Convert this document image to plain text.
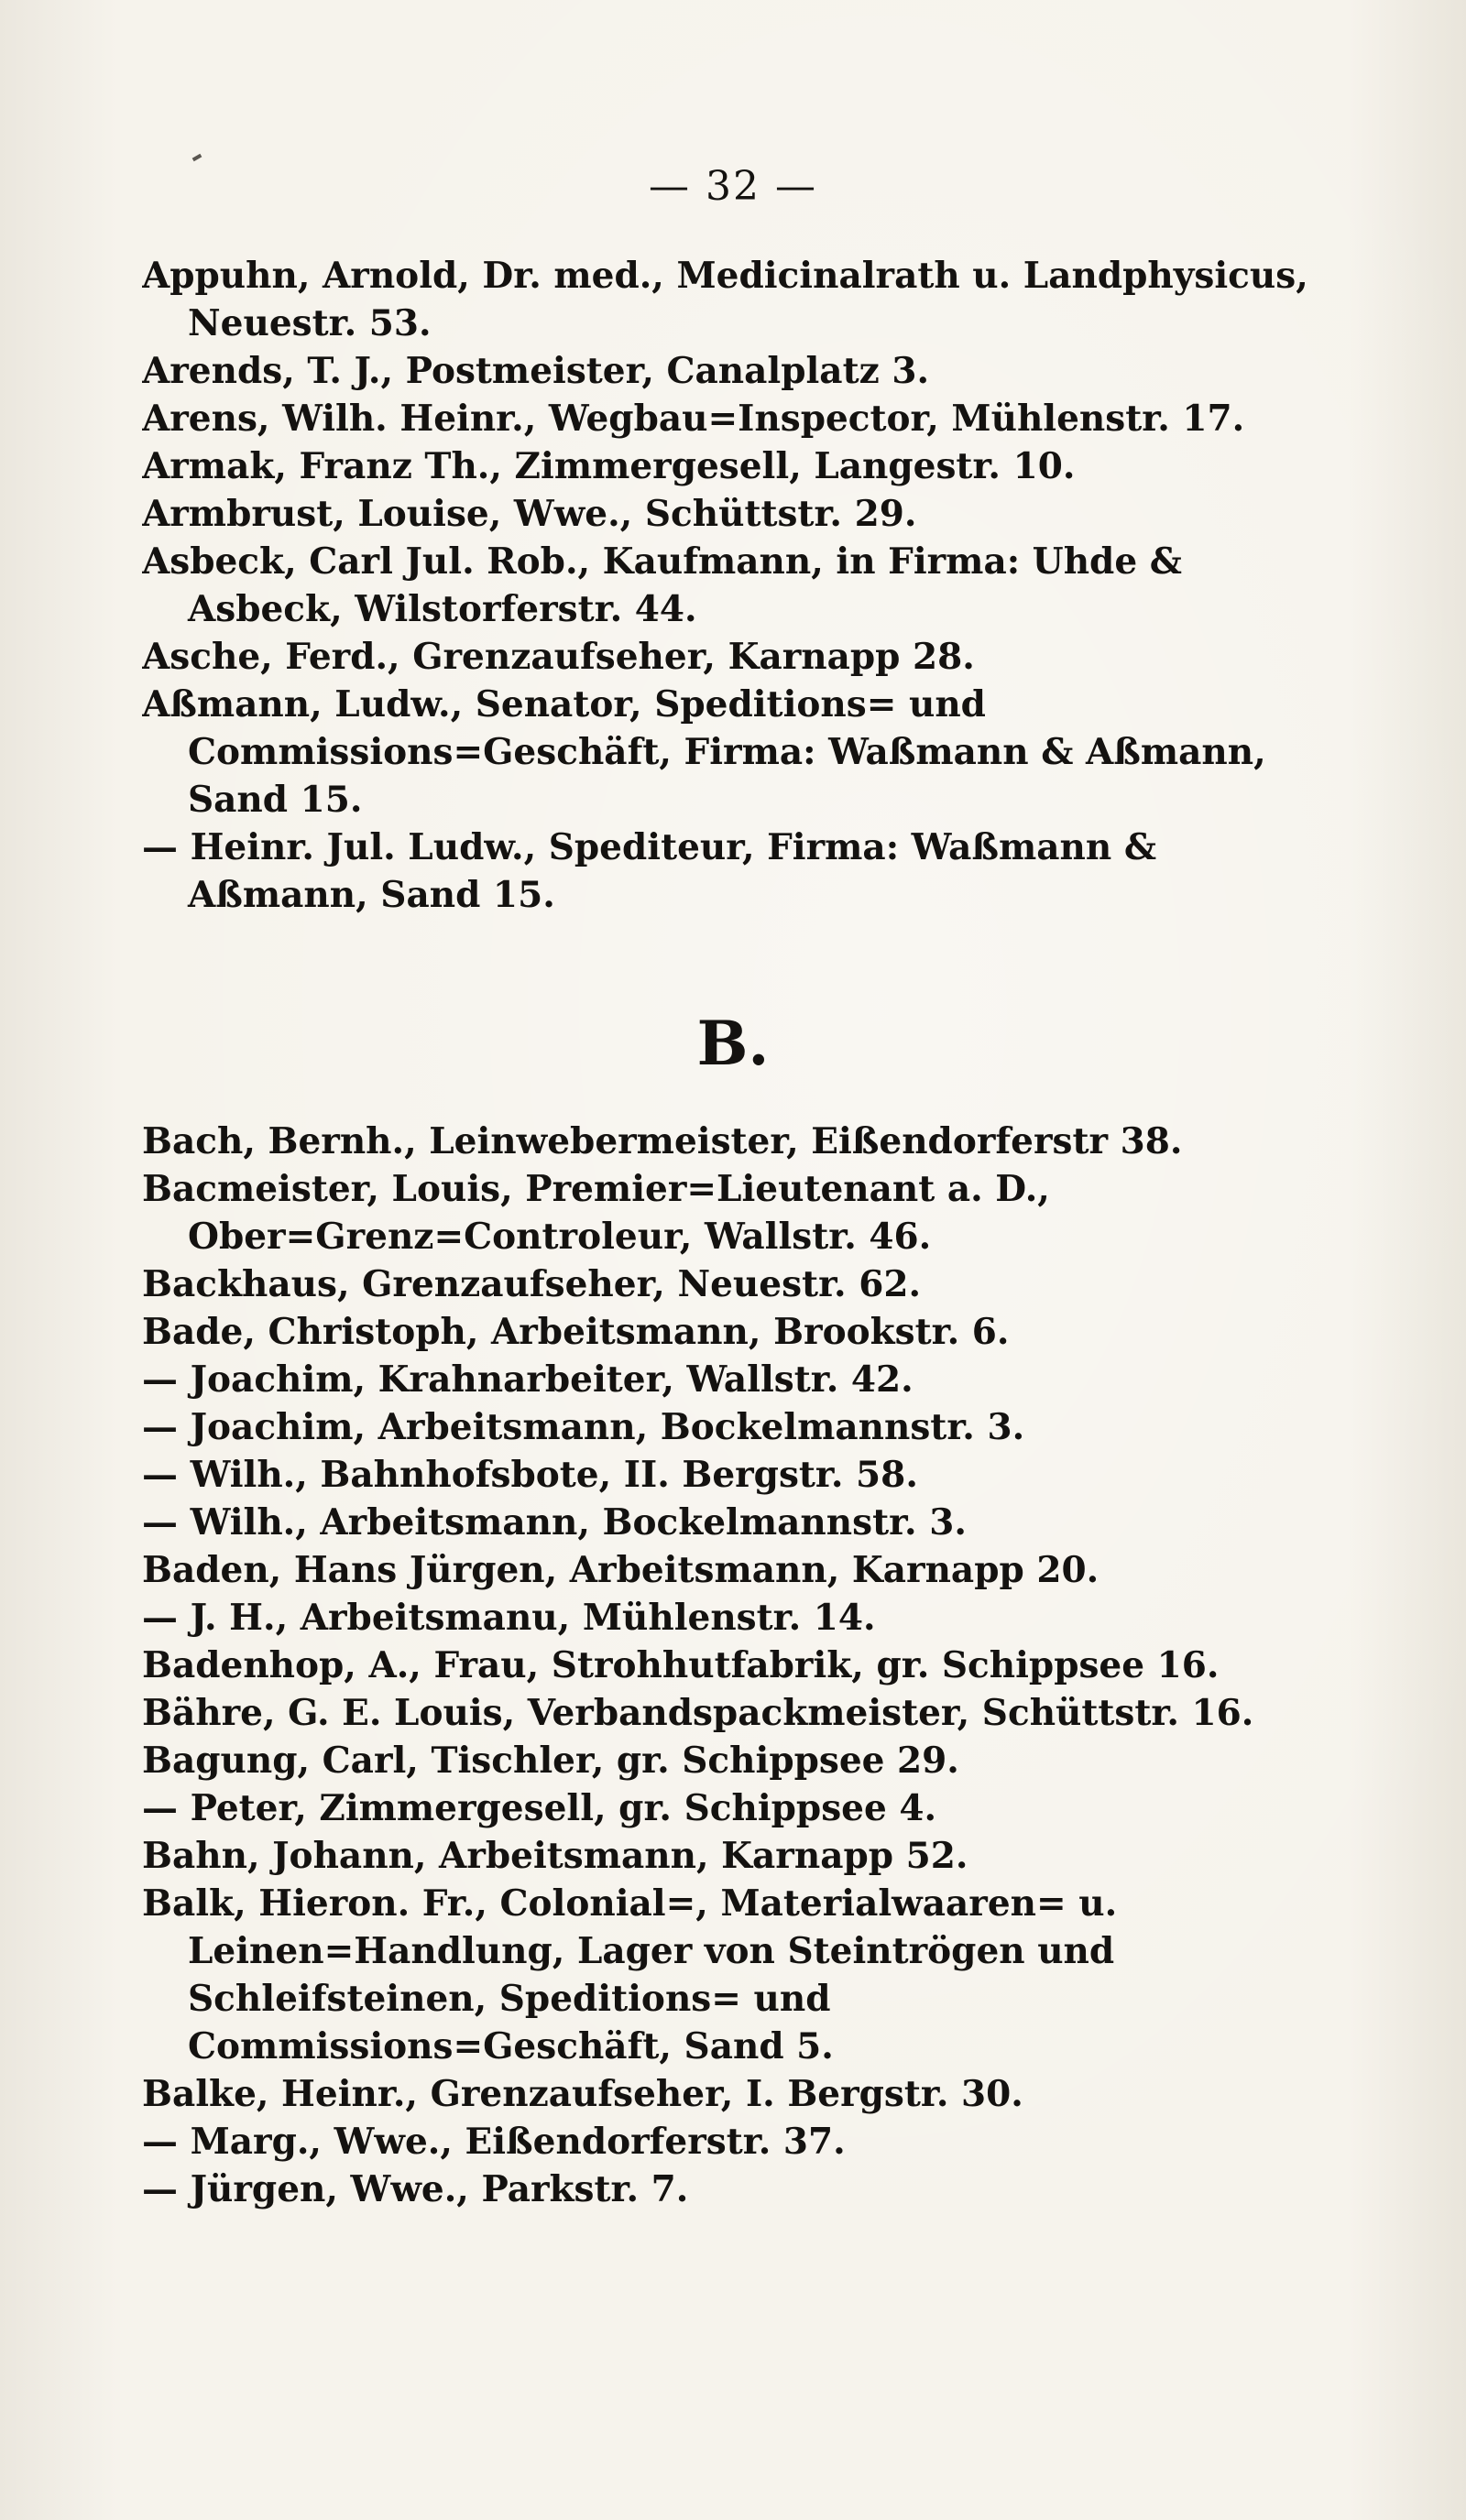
— 32 —
Appuhn, Arnold, Dr. med., Medicinalrath u. Landphysicus, Neuestr. 53.
Arends, T. J., Postmeister, Canalplatz 3.
Arens, Wilh. Heinr., Wegbau=Inspector, Mühlenstr. 17.
Armak, Franz Th., Zimmergesell, Langestr. 10.
Armbrust, Louise, Wwe., Schüttstr. 29.
Asbeck, Carl Jul. Rob., Kaufmann, in Firma: Uhde & Asbeck, Wilstorferstr. 44.
Asche, Ferd., Grenzaufseher, Karnapp 28.
Aßmann, Ludw., Senator, Speditions= und Commissions=Geschäft, Firma: Waßmann & Aßmann, Sand 15.
— Heinr. Jul. Ludw., Spediteur, Firma: Waßmann & Aßmann, Sand 15.
B.
Bach, Bernh., Leinwebermeister, Eißendorferstr 38.
Bacmeister, Louis, Premier=Lieutenant a. D., Ober=Grenz=Controleur, Wallstr. 46.
Backhaus, Grenzaufseher, Neuestr. 62.
Bade, Christoph, Arbeitsmann, Brookstr. 6.
— Joachim, Krahnarbeiter, Wallstr. 42.
— Joachim, Arbeitsmann, Bockelmannstr. 3.
— Wilh., Bahnhofsbote, II. Bergstr. 58.
— Wilh., Arbeitsmann, Bockelmannstr. 3.
Baden, Hans Jürgen, Arbeitsmann, Karnapp 20.
— J. H., Arbeitsmanu, Mühlenstr. 14.
Badenhop, A., Frau, Strohhutfabrik, gr. Schippsee 16.
Bähre, G. E. Louis, Verbandspackmeister, Schüttstr. 16.
Bagung, Carl, Tischler, gr. Schippsee 29.
— Peter, Zimmergesell, gr. Schippsee 4.
Bahn, Johann, Arbeitsmann, Karnapp 52.
Balk, Hieron. Fr., Colonial=, Materialwaaren= u. Leinen=Handlung, Lager von Steintrögen und Schleifsteinen, Speditions= und Commissions=Geschäft, Sand 5.
Balke, Heinr., Grenzaufseher, I. Bergstr. 30.
— Marg., Wwe., Eißendorferstr. 37.
— Jürgen, Wwe., Parkstr. 7.
